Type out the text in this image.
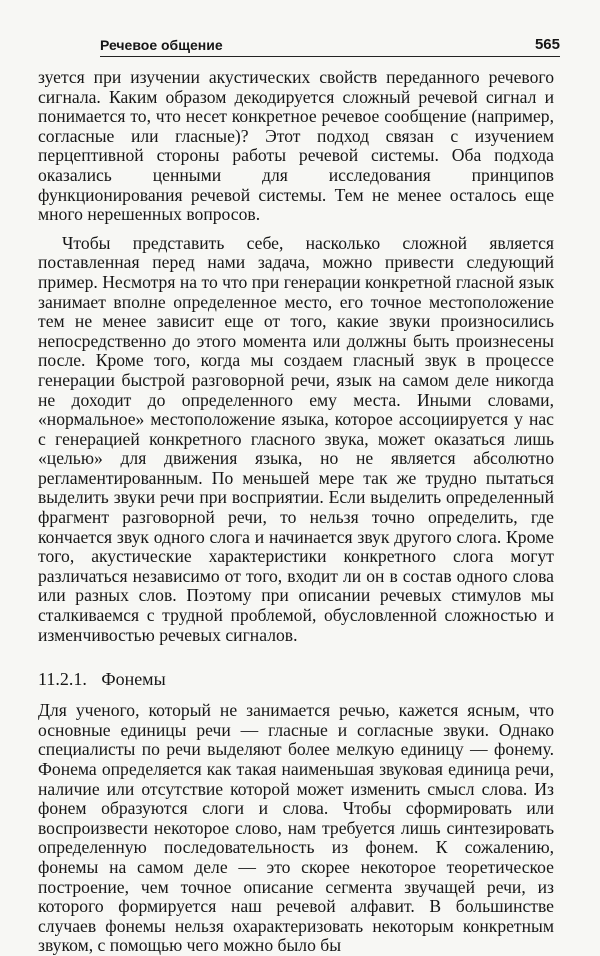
Речевое общение	565

зуется при изучении акустических свойств переданного речевого сигнала. Каким образом декодируется сложный речевой сигнал и понимается то, что несет конкретное речевое сообщение (например, согласные или гласные)? Этот подход связан с изучением перцептивной стороны работы речевой системы. Оба подхода оказались ценными для исследования принципов функционирования речевой системы. Тем не менее осталось еще много нерешенных вопросов.

Чтобы представить себе, насколько сложной является поставленная перед нами задача, можно привести следующий пример. Несмотря на то что при генерации конкретной гласной язык занимает вполне определенное место, его точное местоположение тем не менее зависит еще от того, какие звуки произносились непосредственно до этого момента или должны быть произнесены после. Кроме того, когда мы создаем гласный звук в процессе генерации быстрой разговорной речи, язык на самом деле никогда не доходит до определенного ему места. Иными словами, «нормальное» местоположение языка, которое ассоциируется у нас с генерацией конкретного гласного звука, может оказаться лишь «целью» для движения языка, но не является абсолютно регламентированным. По меньшей мере так же трудно пытаться выделить звуки речи при восприятии. Если выделить определенный фрагмент разговорной речи, то нельзя точно определить, где кончается звук одного слога и начинается звук другого слога. Кроме того, акустические характеристики конкретного слога могут различаться независимо от того, входит ли он в состав одного слова или разных слов. Поэтому при описании речевых стимулов мы сталкиваемся с трудной проблемой, обусловленной сложностью и изменчивостью речевых сигналов.

11.2.1. Фонемы

Для ученого, который не занимается речью, кажется ясным, что основные единицы речи — гласные и согласные звуки. Однако специалисты по речи выделяют более мелкую единицу — фонему. Фонема определяется как такая наименьшая звуковая единица речи, наличие или отсутствие которой может изменить смысл слова. Из фонем образуются слоги и слова. Чтобы сформировать или воспроизвести некоторое слово, нам требуется лишь синтезировать определенную последовательность из фонем. К сожалению, фонемы на самом деле — это скорее некоторое теоретическое построение, чем точное описание сегмента звучащей речи, из которого формируется наш речевой алфавит. В большинстве случаев фонемы нельзя охарактеризовать некоторым конкретным звуком, с помощью чего можно было бы
